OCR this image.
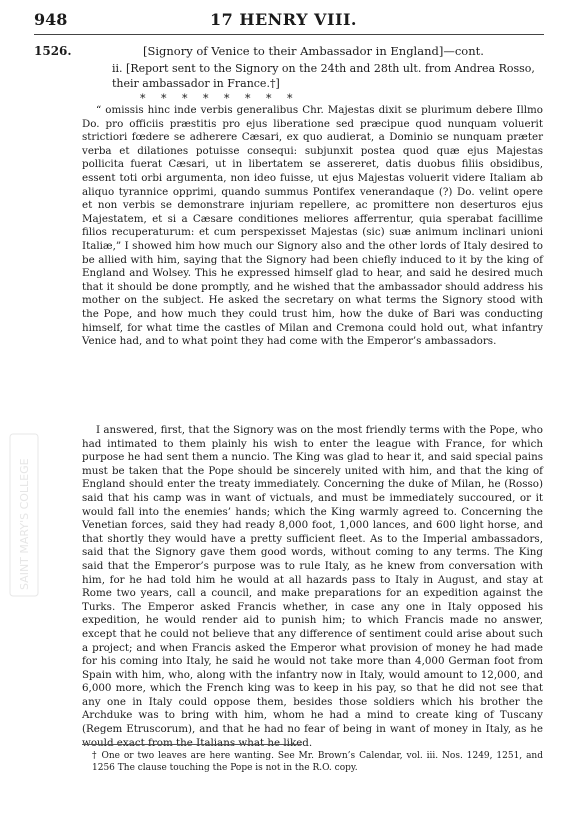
948	17 HENRY VIII.
1526.	[Signory of Venice to their Ambassador in England]—cont.
ii. [Report sent to the Signory on the 24th and 28th ult. from Andrea Rosso, their ambassador in France.†]
* * * * * * * *

“ omissis hinc inde verbis generalibus Chr. Majestas dixit se plurimum debere Illmo Do. pro officiis præstitis pro ejus liberatione sed præcipue quod nunquam voluerit strictiori fœdere se adherere Cæsari, ex quo audierat, a Dominio se nunquam præter verba et dilationes potuisse consequi: subjunxit postea quod quæ ejus Majestas pollicita fuerat Cæsari, ut in libertatem se assereret, datis duobus filiis obsidibus, essent toti orbi argumenta, non ideo fuisse, ut ejus Majestas voluerit videre Italiam ab aliquo tyrannice opprimi, quando summus Pontifex venerandaque (?) Do. velint opere et non verbis se demonstrare injuriam repellere, ac promittere non deserturos ejus Majestatem, et si a Cæsare conditiones meliores afferrentur, quia sperabat facillime filios recuperaturum: et cum perspexisset Majestas (sic) suæ animum inclinari unioni Italiæ,” I showed him how much our Signory also and the other lords of Italy desired to be allied with him, saying that the Signory had been chiefly induced to it by the king of England and Wolsey. This he expressed himself glad to hear, and said he desired much that it should be done promptly, and he wished that the ambassador should address his mother on the subject. He asked the secretary on what terms the Signory stood with the Pope, and how much they could trust him, how the duke of Bari was conducting himself, for what time the castles of Milan and Cremona could hold out, what infantry Venice had, and to what point they had come with the Emperor’s ambassadors.

I answered, first, that the Signory was on the most friendly terms with the Pope, who had intimated to them plainly his wish to enter the league with France, for which purpose he had sent them a nuncio. The King was glad to hear it, and said special pains must be taken that the Pope should be sincerely united with him, and that the king of England should enter the treaty immediately. Concerning the duke of Milan, he (Rosso) said that his camp was in want of victuals, and must be immediately succoured, or it would fall into the enemies’ hands; which the King warmly agreed to. Concerning the Venetian forces, said they had ready 8,000 foot, 1,000 lances, and 600 light horse, and that shortly they would have a pretty sufficient fleet. As to the Imperial ambassadors, said that the Signory gave them good words, without coming to any terms. The King said that the Emperor’s purpose was to rule Italy, as he knew from conversation with him, for he had told him he would at all hazards pass to Italy in August, and stay at Rome two years, call a council, and make preparations for an expedition against the Turks. The Emperor asked Francis whether, in case any one in Italy opposed his expedition, he would render aid to punish him; to which Francis made no answer, except that he could not believe that any difference of sentiment could arise about such a project; and when Francis asked the Emperor what provision of money he had made for his coming into Italy, he said he would not take more than 4,000 German foot from Spain with him, who, along with the infantry now in Italy, would amount to 12,000, and 6,000 more, which the French king was to keep in his pay, so that he did not see that any one in Italy could oppose them, besides those soldiers which his brother the Archduke was to bring with him, whom he had a mind to create king of Tuscany (Regem Etruscorum), and that he had no fear of being in want of money in Italy, as he would exact from the Italians what he liked.

SAINT MARY'S COLLEGE
† One or two leaves are here wanting. See Mr. Brown’s Calendar, vol. iii. Nos. 1249, 1251, and 1256 The clause touching the Pope is not in the R.O. copy.
